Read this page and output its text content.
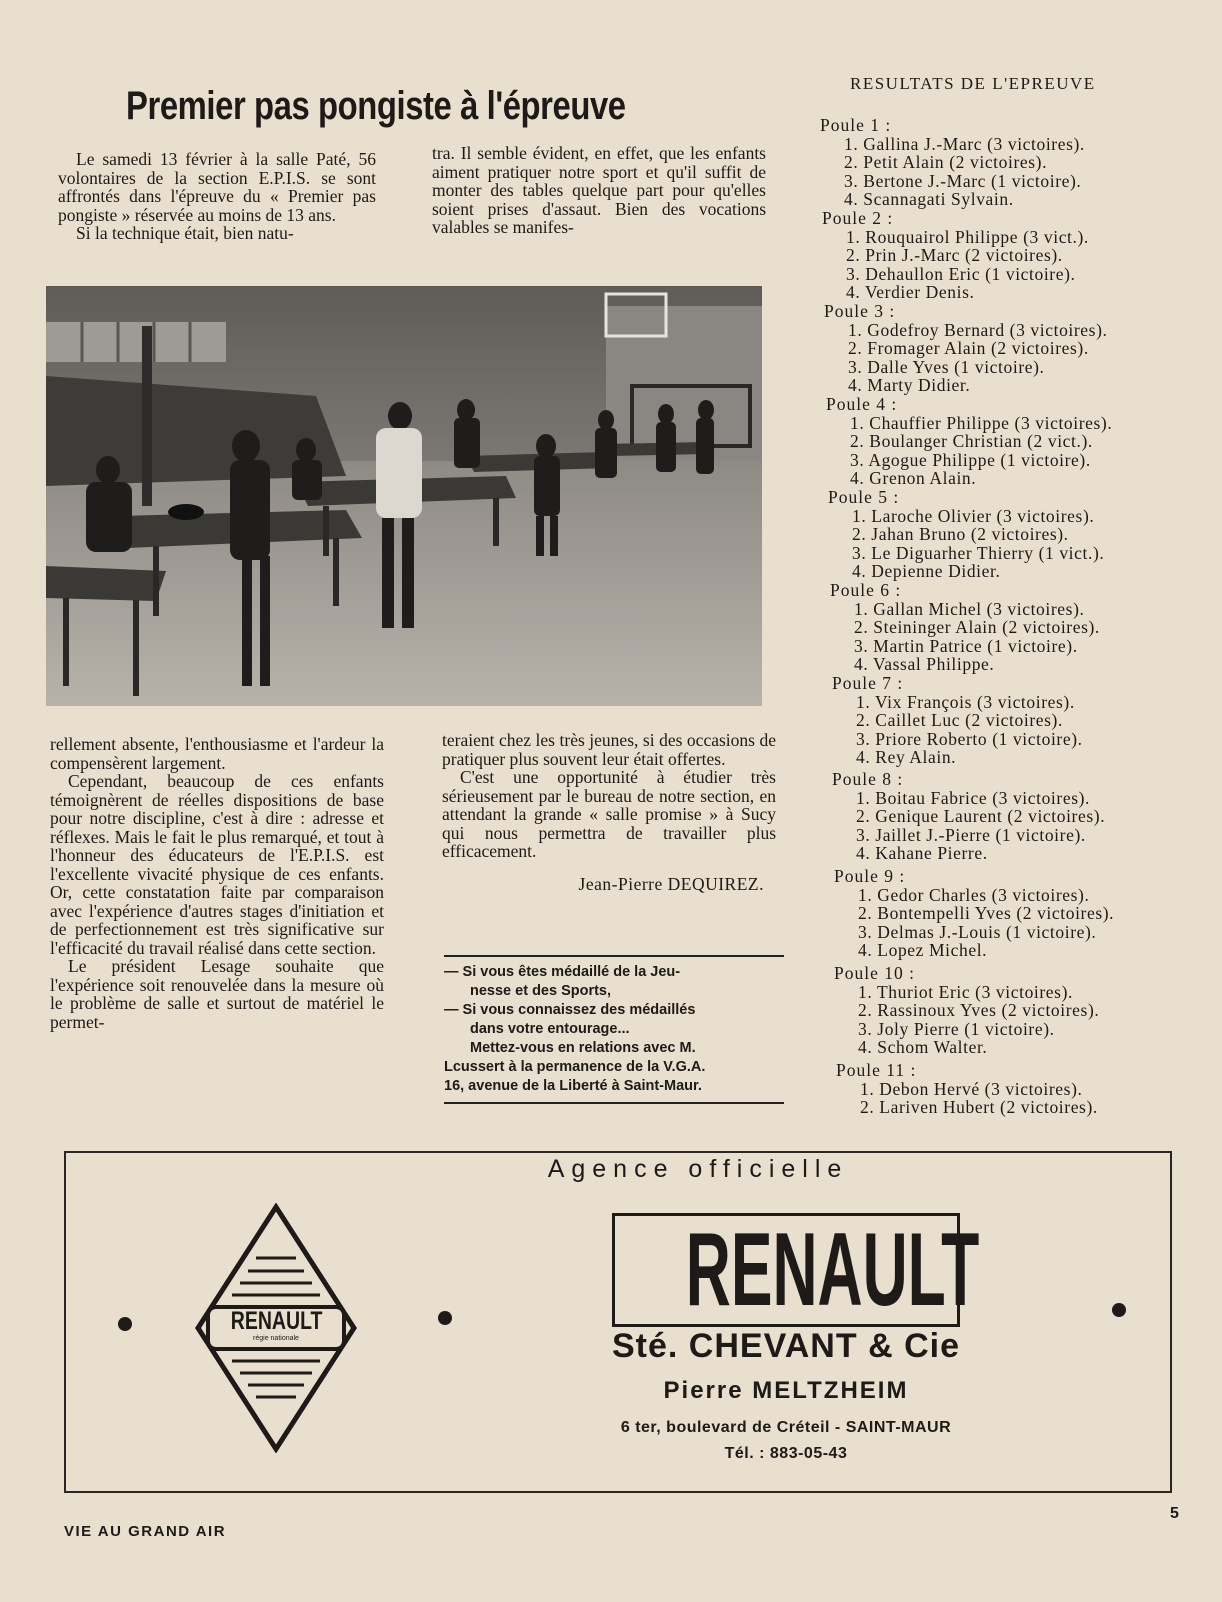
Premier pas pongiste à l'épreuve

Le samedi 13 février à la salle Paté, 56 volontaires de la section E.P.I.S. se sont affrontés dans l'épreuve du « Premier pas pongiste » réservée au moins de 13 ans.

Si la technique était, bien natu-

tra. Il semble évident, en effet, que les enfants aiment pratiquer notre sport et qu'il suffit de monter des tables quelque part pour qu'elles soient prises d'assaut. Bien des vocations valables se manifes-

rellement absente, l'enthousiasme et l'ardeur la compensèrent largement.

Cependant, beaucoup de ces enfants témoignèrent de réelles dispositions de base pour notre discipline, c'est à dire : adresse et réflexes. Mais le fait le plus remarqué, et tout à l'honneur des éducateurs de l'E.P.I.S. est l'excellente vivacité physique de ces enfants. Or, cette constatation faite par comparaison avec l'expérience d'autres stages d'initiation et de perfectionnement est très significative sur l'efficacité du travail réalisé dans cette section.

Le président Lesage souhaite que l'expérience soit renouvelée dans la mesure où le problème de salle et surtout de matériel le permet-

teraient chez les très jeunes, si des occasions de pratiquer plus souvent leur était offertes.

C'est une opportunité à étudier très sérieusement par le bureau de notre section, en attendant la grande « salle promise » à Sucy qui nous permettra de travailler plus efficacement.

Jean-Pierre DEQUIREZ.

— Si vous êtes médaillé de la Jeu-

nesse et des Sports,

— Si vous connaissez des médaillés

dans votre entourage...

Mettez-vous en relations avec M.

Lcussert à la permanence de la V.G.A.

16, avenue de la Liberté à Saint-Maur.

RESULTATS DE L'EPREUVE

Poule 1 :

1. Gallina J.-Marc (3 victoires).
2. Petit Alain (2 victoires).
3. Bertone J.-Marc (1 victoire).
4. Scannagati Sylvain.

Poule 2 :

1. Rouquairol Philippe (3 vict.).
2. Prin J.-Marc (2 victoires).
3. Dehaullon Eric (1 victoire).
4. Verdier Denis.

Poule 3 :

1. Godefroy Bernard (3 victoires).
2. Fromager Alain (2 victoires).
3. Dalle Yves (1 victoire).
4. Marty Didier.

Poule 4 :

1. Chauffier Philippe (3 victoires).
2. Boulanger Christian (2 vict.).
3. Agogue Philippe (1 victoire).
4. Grenon Alain.

Poule 5 :

1. Laroche Olivier (3 victoires).
2. Jahan Bruno (2 victoires).
3. Le Diguarher Thierry (1 vict.).
4. Depienne Didier.

Poule 6 :

1. Gallan Michel (3 victoires).
2. Steininger Alain (2 victoires).
3. Martin Patrice (1 victoire).
4. Vassal Philippe.

Poule 7 :

1. Vix François (3 victoires).
2. Caillet Luc (2 victoires).
3. Priore Roberto (1 victoire).
4. Rey Alain.

Poule 8 :

1. Boitau Fabrice (3 victoires).
2. Genique Laurent (2 victoires).
3. Jaillet J.-Pierre (1 victoire).
4. Kahane Pierre.

Poule 9 :

1. Gedor Charles (3 victoires).
2. Bontempelli Yves (2 victoires).
3. Delmas J.-Louis (1 victoire).
4. Lopez Michel.

Poule 10 :

1. Thuriot Eric (3 victoires).
2. Rassinoux Yves (2 victoires).
3. Joly Pierre (1 victoire).
4. Schom Walter.

Poule 11 :

1. Debon Hervé (3 victoires).
2. Lariven Hubert (2 victoires).
Agence officielle
RENAULT
régie nationale
RENAULT
Sté. CHEVANT & Cie
Pierre MELTZHEIM
6 ter, boulevard de Créteil - SAINT-MAUR
Tél. : 883-05-43
VIE AU GRAND AIR
5
